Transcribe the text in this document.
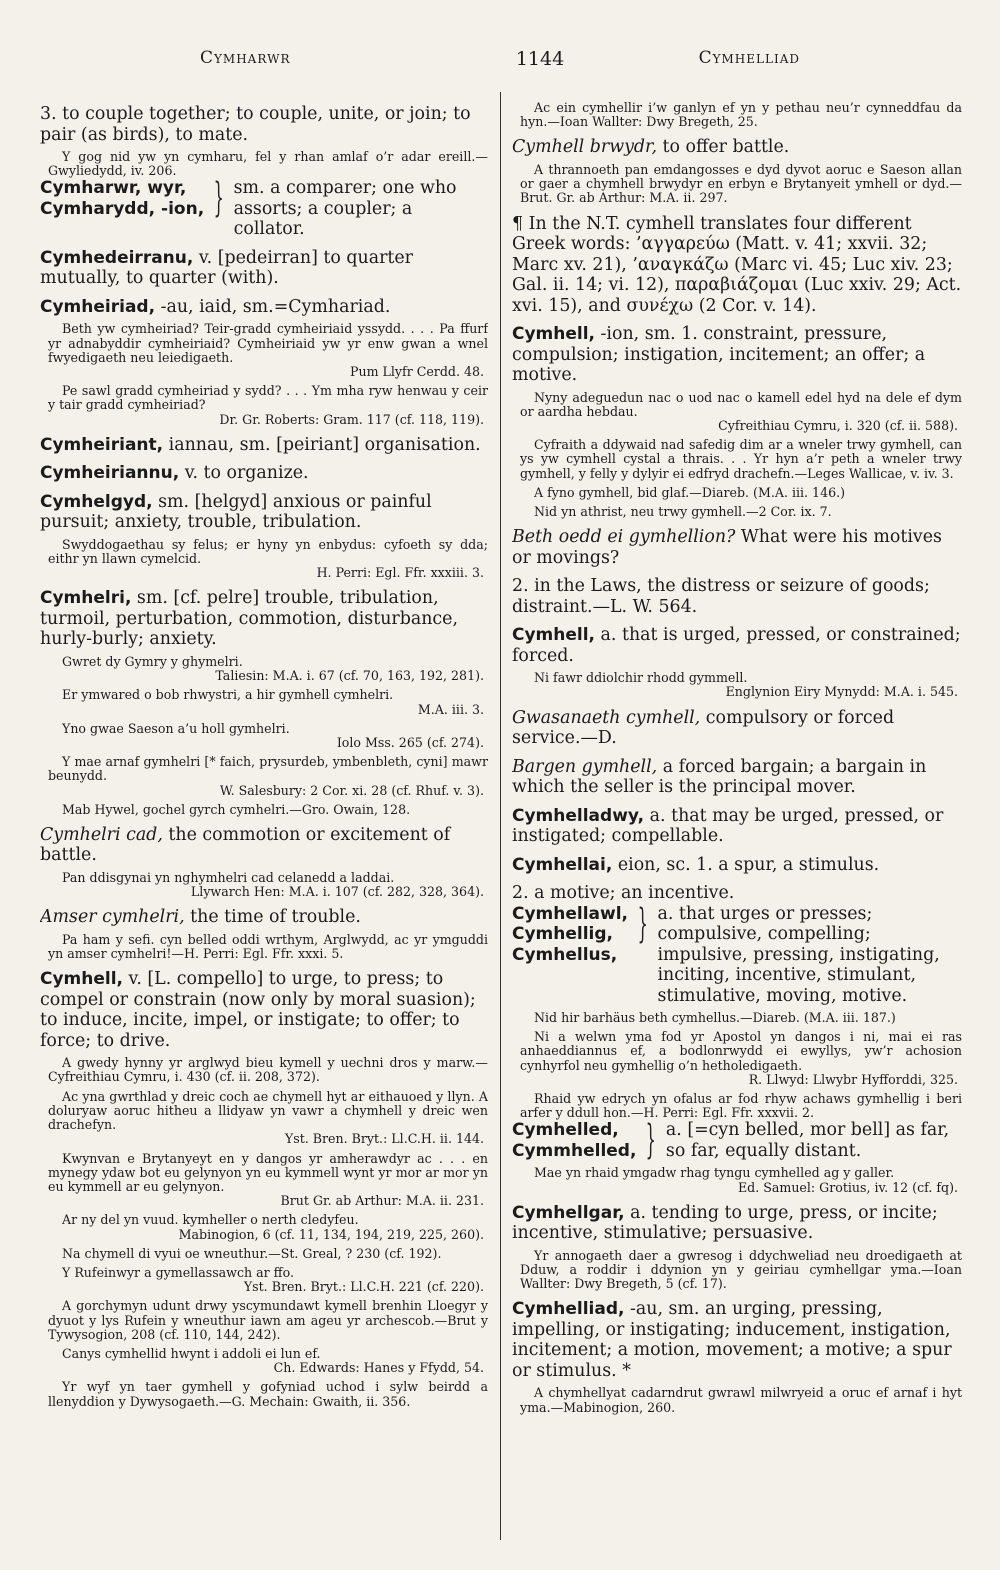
Cymharwr	1144	Cymhelliad

3. to couple together; to couple, unite, or join; to pair (as birds), to mate.

Y gog nid yw yn cymharu, fel y rhan amlaf o’r adar ereill.—Gwyliedydd, iv. 206.

Cymharwr, wyr,
Cymharydd, -ion, } sm. a comparer; one who assorts; a coupler; a collator.

Cymhedeirranu, v. [pedeirran] to quarter mutually, to quarter (with).

Cymheiriad, -au, iaid, sm.=Cymhariad.

Beth yw cymheiriad? Teir-gradd cymheiriaid yssydd. . . . Pa ffurf yr adnabyddir cymheiriaid? Cymheiriaid yw yr enw gwan a wnel fwyedigaeth neu leiedigaeth.

Pum Llyfr Cerdd. 48.

Pe sawl gradd cymheiriad y sydd? . . . Ym mha ryw henwau y ceir y tair gradd cymheiriad?

Dr. Gr. Roberts: Gram. 117 (cf. 118, 119).

Cymheiriant, iannau, sm. [peiriant] organisation.

Cymheiriannu, v. to organize.

Cymhelgyd, sm. [helgyd] anxious or painful pursuit; anxiety, trouble, tribulation.

Swyddogaethau sy felus; er hyny yn enbydus: cyfoeth sy dda; eithr yn llawn cymelcid.

H. Perri: Egl. Ffr. xxxiii. 3.

Cymhelri, sm. [cf. pelre] trouble, tribulation, turmoil, perturbation, commotion, disturbance, hurly-burly; anxiety.

Gwret dy Gymry y ghymelri.

Taliesin: M.A. i. 67 (cf. 70, 163, 192, 281).

Er ymwared o bob rhwystri, a hir gymhell cymhelri.

M.A. iii. 3.

Yno gwae Saeson a’u holl gymhelri.

Iolo Mss. 265 (cf. 274).

Y mae arnaf gymhelri [* faich, prysurdeb, ymbenbleth, cyni] mawr beunydd.

W. Salesbury: 2 Cor. xi. 28 (cf. Rhuf. v. 3).

Mab Hywel, gochel gyrch cymhelri.—Gro. Owain, 128.

Cymhelri cad, the commotion or excitement of battle.

Pan ddisgynai yn nghymhelri cad celanedd a laddai.

Llywarch Hen: M.A. i. 107 (cf. 282, 328, 364).

Amser cymhelri, the time of trouble.

Pa ham y sefi. cyn belled oddi wrthym, Arglwydd, ac yr ymguddi yn amser cymhelri!—H. Perri: Egl. Ffr. xxxi. 5.

Cymhell, v. [L. compello] to urge, to press; to compel or constrain (now only by moral suasion); to induce, incite, impel, or instigate; to offer; to force; to drive.

A gwedy hynny yr arglwyd bieu kymell y uechni dros y marw.—Cyfreithiau Cymru, i. 430 (cf. ii. 208, 372).

Ac yna gwrthlad y dreic coch ae chymell hyt ar eithauoed y llyn. A doluryaw aoruc hitheu a llidyaw yn vawr a chymhell y dreic wen drachefyn.

Yst. Bren. Bryt.: Ll.C.H. ii. 144.

Kwynvan e Brytanyeyt en y dangos yr amherawdyr ac . . . en mynegy ydaw bot eu gelynyon yn eu kymmell wynt yr mor ar mor yn eu kymmell ar eu gelynyon.

Brut Gr. ab Arthur: M.A. ii. 231.

Ar ny del yn vuud. kymheller o nerth cledyfeu.

Mabinogion, 6 (cf. 11, 134, 194, 219, 225, 260).

Na chymell di vyui oe wneuthur.—St. Greal, ? 230 (cf. 192).

Y Rufeinwyr a gymellassawch ar ffo.

Yst. Bren. Bryt.: Ll.C.H. 221 (cf. 220).

A gorchymyn udunt drwy yscymundawt kymell brenhin Lloegyr y dyuot y lys Rufein y wneuthur iawn am ageu yr archescob.—Brut y Tywysogion, 208 (cf. 110, 144, 242).

Canys cymhellid hwynt i addoli ei lun ef.

Ch. Edwards: Hanes y Ffydd, 54.

Yr wyf yn taer gymhell y gofyniad uchod i sylw beirdd a llenyddion y Dywysogaeth.—G. Mechain: Gwaith, ii. 356.

Ac ein cymhellir i’w ganlyn ef yn y pethau neu’r cynneddfau da hyn.—Ioan Wallter: Dwy Bregeth, 25.

Cymhell brwydr, to offer battle.

A thrannoeth pan emdangosses e dyd dyvot aoruc e Saeson allan or gaer a chymhell brwydyr en erbyn e Brytanyeit ymhell or dyd.—Brut. Gr. ab Arthur: M.A. ii. 297.

¶ In the N.T. cymhell translates four different Greek words: ’αγγαρεύω (Matt. v. 41; xxvii. 32; Marc xv. 21), ’αναγκάζω (Marc vi. 45; Luc xiv. 23; Gal. ii. 14; vi. 12), παραβιάζομαι (Luc xxiv. 29; Act. xvi. 15), and συνέχω (2 Cor. v. 14).

Cymhell, -ion, sm. 1. constraint, pressure, compulsion; instigation, incitement; an offer; a motive.

Nyny adeguedun nac o uod nac o kamell edel hyd na dele ef dym or aardha hebdau.

Cyfreithiau Cymru, i. 320 (cf. ii. 588).

Cyfraith a ddywaid nad safedig dim ar a wneler trwy gymhell, can ys yw cymhell cystal a thrais. . . Yr hyn a’r peth a wneler trwy gymhell, y felly y dylyir ei edfryd drachefn.—Leges Wallicae, v. iv. 3.

A fyno gymhell, bid glaf.—Diareb. (M.A. iii. 146.)

Nid yn athrist, neu trwy gymhell.—2 Cor. ix. 7.

Beth oedd ei gymhellion? What were his motives or movings?

2. in the Laws, the distress or seizure of goods; distraint.—L. W. 564.

Cymhell, a. that is urged, pressed, or constrained; forced.

Ni fawr ddiolchir rhodd gymmell.

Englynion Eiry Mynydd: M.A. i. 545.

Gwasanaeth cymhell, compulsory or forced service.—D.

Bargen gymhell, a forced bargain; a bargain in which the seller is the principal mover.

Cymhelladwy, a. that may be urged, pressed, or instigated; compellable.

Cymhellai, eion, sc. 1. a spur, a stimulus.

2. a motive; an incentive.

Cymhellawl,
Cymhellig,
Cymhellus,
} a. that urges or presses; compulsive, compelling; impulsive, pressing, instigating, inciting, incentive, stimulant, stimulative, moving, motive.

Nid hir barhäus beth cymhellus.—Diareb. (M.A. iii. 187.)

Ni a welwn yma fod yr Apostol yn dangos i ni, mai ei ras anhaeddiannus ef, a bodlonrwydd ei ewyllys, yw’r achosion cynhyrfol neu gymhellig o’n hetholedigaeth.

R. Llwyd: Llwybr Hyfforddi, 325.

Rhaid yw edrych yn ofalus ar fod rhyw achaws gymhellig i beri arfer y ddull hon.—H. Perri: Egl. Ffr. xxxvii. 2.

Cymhelled,
Cymmhelled, } a. [=cyn belled, mor bell] as far, so far, equally distant.

Mae yn rhaid ymgadw rhag tyngu cymhelled ag y galler.

Ed. Samuel: Grotius, iv. 12 (cf. fq).

Cymhellgar, a. tending to urge, press, or incite; incentive, stimulative; persuasive.

Yr annogaeth daer a gwresog i ddychweliad neu droedigaeth at Dduw, a roddir i ddynion yn y geiriau cymhellgar yma.—Ioan Wallter: Dwy Bregeth, 5 (cf. 17).

Cymhelliad, -au, sm. an urging, pressing, impelling, or instigating; inducement, instigation, incitement; a motion, movement; a motive; a spur or stimulus. *

A chymhellyat cadarndrut gwrawl milwryeid a oruc ef arnaf i hyt yma.—Mabinogion, 260.
